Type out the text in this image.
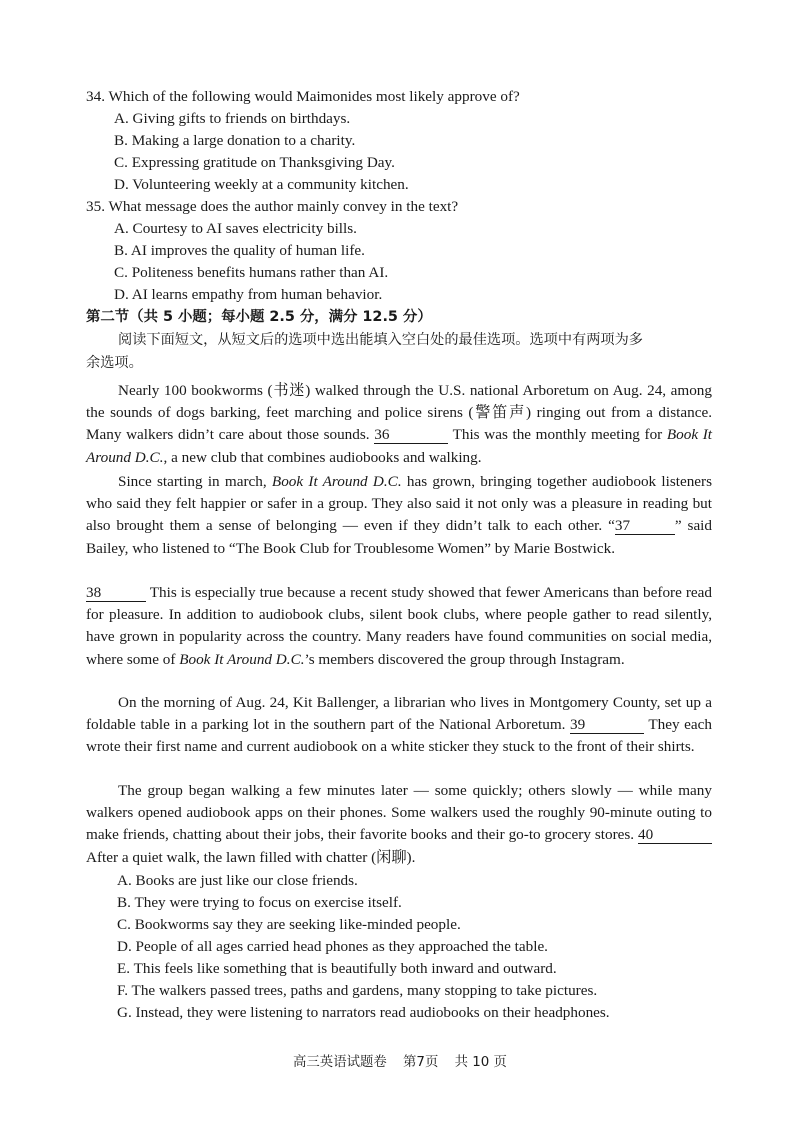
34. Which of the following would Maimonides most likely approve of?
A. Giving gifts to friends on birthdays.
B. Making a large donation to a charity.
C. Expressing gratitude on Thanksgiving Day.
D. Volunteering weekly at a community kitchen.
35. What message does the author mainly convey in the text?
A. Courtesy to AI saves electricity bills.
B. AI improves the quality of human life.
C. Politeness benefits humans rather than AI.
D. AI learns empathy from human behavior.
第二节（共 5 小题；每小题 2.5 分，满分 12.5 分）
阅读下面短文，从短文后的选项中选出能填入空白处的最佳选项。选项中有两项为多
余选项。
Nearly 100 bookworms (书迷) walked through the U.S. national Arboretum on Aug. 24, among the sounds of dogs barking, feet marching and police sirens (警笛声) ringing out from a distance. Many walkers didn’t care about those sounds. 36	This was the monthly meeting for Book It Around D.C., a new club that combines audiobooks and walking.
Since starting in march, Book It Around D.C. has grown, bringing together audiobook listeners who said they felt happier or safer in a group. They also said it not only was a pleasure in reading but also brought them a sense of belonging — even if they didn’t talk to each other. “37	” said Bailey, who listened to “The Book Club for Troublesome Women” by Marie Bostwick.
38	This is especially true because a recent study showed that fewer Americans than before read for pleasure. In addition to audiobook clubs, silent book clubs, where people gather to read silently, have grown in popularity across the country. Many readers have found communities on social media, where some of Book It Around D.C.’s members discovered the group through Instagram.
On the morning of Aug. 24, Kit Ballenger, a librarian who lives in Montgomery County, set up a foldable table in a parking lot in the southern part of the National Arboretum. 39	They each wrote their first name and current audiobook on a white sticker they stuck to the front of their shirts.
The group began walking a few minutes later — some quickly; others slowly — while many walkers opened audiobook apps on their phones. Some walkers used the roughly 90-minute outing to make friends, chatting about their jobs, their favorite books and their go-to grocery stores. 40 After a quiet walk, the lawn filled with chatter (闲聊).
A. Books are just like our close friends.
B. They were trying to focus on exercise itself.
C. Bookworms say they are seeking like-minded people.
D. People of all ages carried head phones as they approached the table.
E. This feels like something that is beautifully both inward and outward.
F. The walkers passed trees, paths and gardens, many stopping to take pictures.
G. Instead, they were listening to narrators read audiobooks on their headphones.
高三英语试题卷 第7页 共 10 页
